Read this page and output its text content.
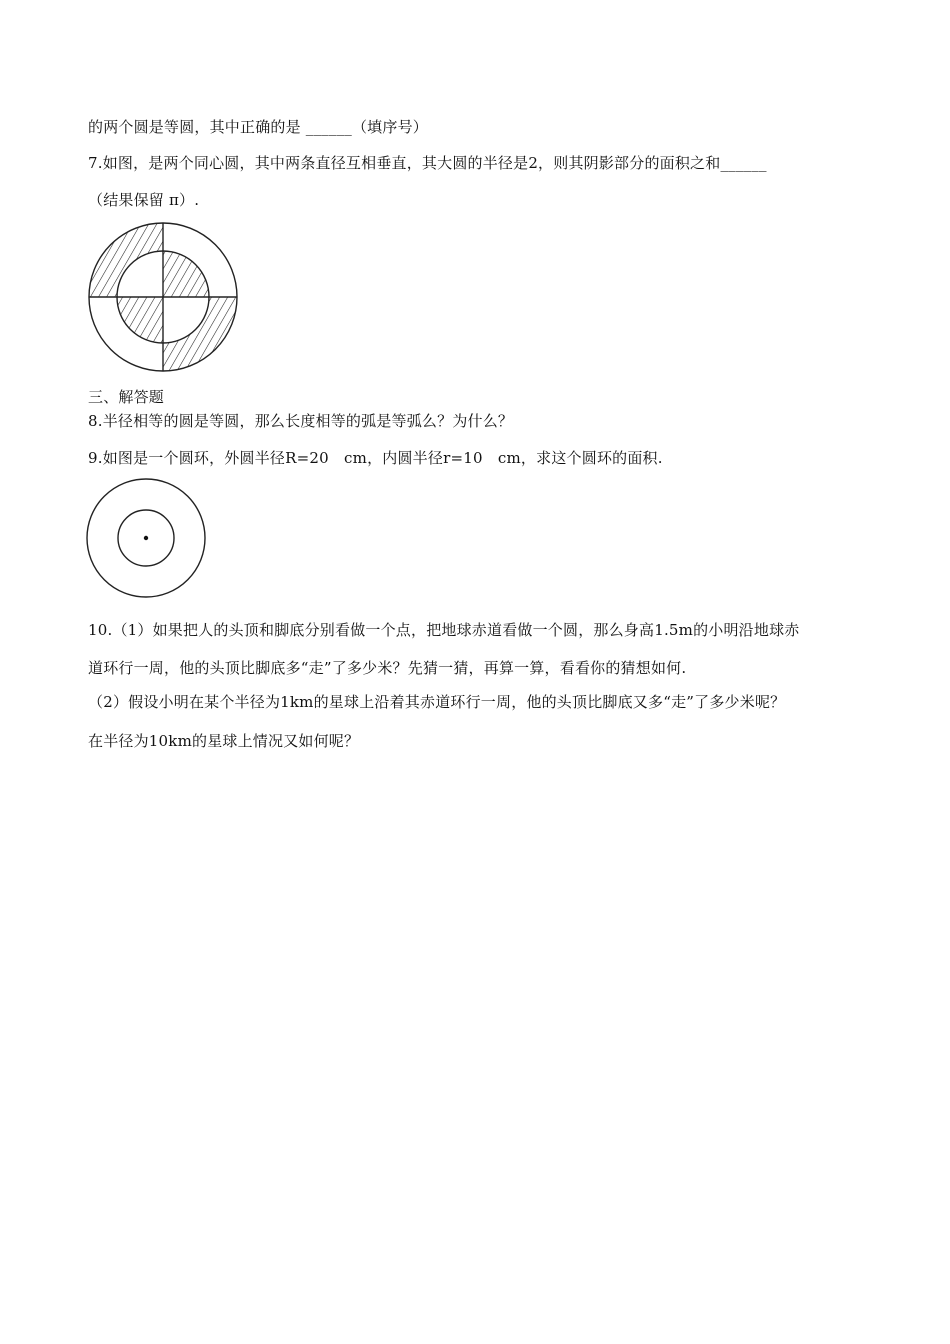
的两个圆是等圆，其中正确的是 ______（填序号）
7.如图，是两个同心圆，其中两条直径互相垂直，其大圆的半径是2，则其阴影部分的面积之和______
（结果保留 π）.
三、解答题
8.半径相等的圆是等圆，那么长度相等的弧是等弧么？为什么？
9.如图是一个圆环，外圆半径R=20　cm，内圆半径r=10　cm，求这个圆环的面积.
10.（1）如果把人的头顶和脚底分别看做一个点，把地球赤道看做一个圆，那么身高1.5m的小明沿地球赤
道环行一周，他的头顶比脚底多“走”了多少米？先猜一猜，再算一算，看看你的猜想如何.
（2）假设小明在某个半径为1km的星球上沿着其赤道环行一周，他的头顶比脚底又多“走”了多少米呢？
在半径为10km的星球上情况又如何呢？
